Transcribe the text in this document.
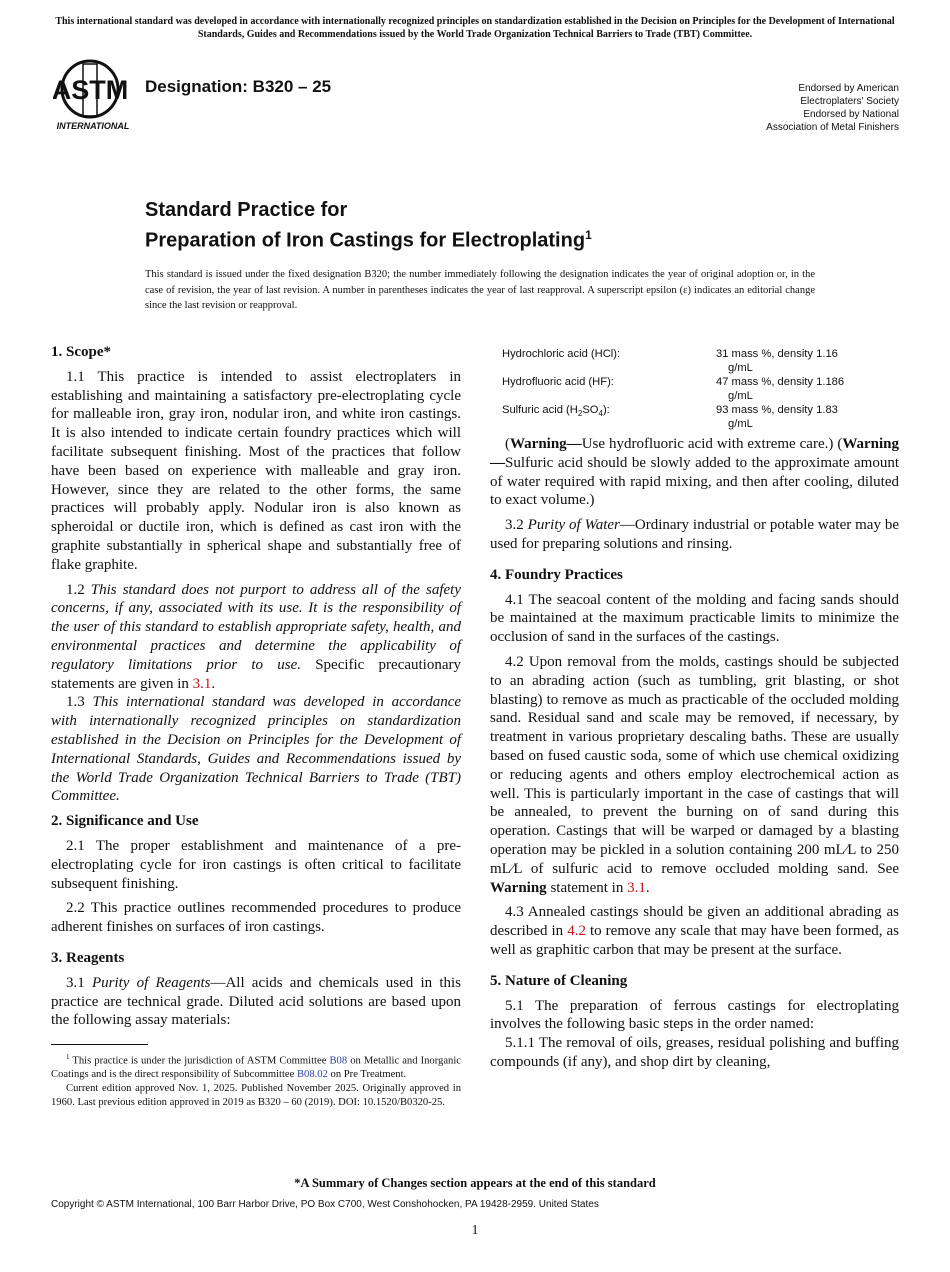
This international standard was developed in accordance with internationally recognized principles on standardization established in the Decision on Principles for the Development of International Standards, Guides and Recommendations issued by the World Trade Organization Technical Barriers to Trade (TBT) Committee.
ASTM
INTERNATIONAL
Designation: B320 – 25	Endorsed by American
Electroplaters' Society
Endorsed by National
Association of Metal Finishers
Standard Practice for
Preparation of Iron Castings for Electroplating$^1$
This standard is issued under the fixed designation B320; the number immediately following the designation indicates the year of original adoption or, in the case of revision, the year of last revision. A number in parentheses indicates the year of last reapproval. A superscript epsilon (ε) indicates an editorial change since the last revision or reapproval.
1. Scope*

1.1 This practice is intended to assist electroplaters in establishing and maintaining a satisfactory pre-electroplating cycle for malleable iron, gray iron, nodular iron, and white iron castings. It is also intended to indicate certain foundry practices which will facilitate subsequent finishing. Most of the practices that follow have been based on experience with malleable and gray iron. However, since they are related to the other forms, the same practices will probably apply. Nodular iron is also known as spheroidal or ductile iron, which is defined as cast iron with the graphite substantially in spherical shape and substantially free of flake graphite.

1.2 This standard does not purport to address all of the safety concerns, if any, associated with its use. It is the responsibility of the user of this standard to establish appropriate safety, health, and environmental practices and determine the applicability of regulatory limitations prior to use. Specific precautionary statements are given in 3.1.

1.3 This international standard was developed in accordance with internationally recognized principles on standardization established in the Decision on Principles for the Development of International Standards, Guides and Recommendations issued by the World Trade Organization Technical Barriers to Trade (TBT) Committee.

2. Significance and Use

2.1 The proper establishment and maintenance of a pre-electroplating cycle for iron castings is often critical to facilitate subsequent finishing.

2.2 This practice outlines recommended procedures to produce adherent finishes on surfaces of iron castings.

3. Reagents

3.1 Purity of Reagents—All acids and chemicals used in this practice are technical grade. Diluted acid solutions are based upon the following assay materials:

$^1$ This practice is under the jurisdiction of ASTM Committee B08 on Metallic and Inorganic Coatings and is the direct responsibility of Subcommittee B08.02 on Pre Treatment.

Current edition approved Nov. 1, 2025. Published November 2025. Originally approved in 1960. Last previous edition approved in 2019 as B320 – 60 (2019). DOI: 10.1520/B0320-25.

Hydrochloric acid (HCl):	31 mass %, density 1.16
g/mL
Hydrofluoric acid (HF):	47 mass %, density 1.186
g/mL
Sulfuric acid $(H_2SO_4)$:	93 mass %, density 1.83
g/mL

(Warning—Use hydrofluoric acid with extreme care.) (Warning—Sulfuric acid should be slowly added to the approximate amount of water required with rapid mixing, and then after cooling, diluted to exact volume.)

3.2 Purity of Water—Ordinary industrial or potable water may be used for preparing solutions and rinsing.

4. Foundry Practices

4.1 The seacoal content of the molding and facing sands should be maintained at the maximum practicable limits to minimize the occlusion of sand in the surfaces of the castings.

4.2 Upon removal from the molds, castings should be subjected to an abrading action (such as tumbling, grit blasting, or shot blasting) to remove as much as practicable of the occluded molding sand. Residual sand and scale may be removed, if necessary, by treatment in various proprietary descaling baths. These are usually based on fused caustic soda, some of which use chemical oxidizing or reducing agents and others employ electrochemical action as well. This is particularly important in the case of castings that will be annealed, to prevent the burning on of sand during this operation. Castings that will be warped or damaged by a blasting operation may be pickled in a solution containing 200 mL⁄L to 250 mL⁄L of sulfuric acid to remove occluded molding sand. See Warning statement in 3.1.

4.3 Annealed castings should be given an additional abrading as described in 4.2 to remove any scale that may have been formed, as well as graphitic carbon that may be present at the surface.

5. Nature of Cleaning

5.1 The preparation of ferrous castings for electroplating involves the following basic steps in the order named:

5.1.1 The removal of oils, greases, residual polishing and buffing compounds (if any), and shop dirt by cleaning,

*A Summary of Changes section appears at the end of this standard
Copyright © ASTM International, 100 Barr Harbor Drive, PO Box C700, West Conshohocken, PA 19428-2959. United States
1
